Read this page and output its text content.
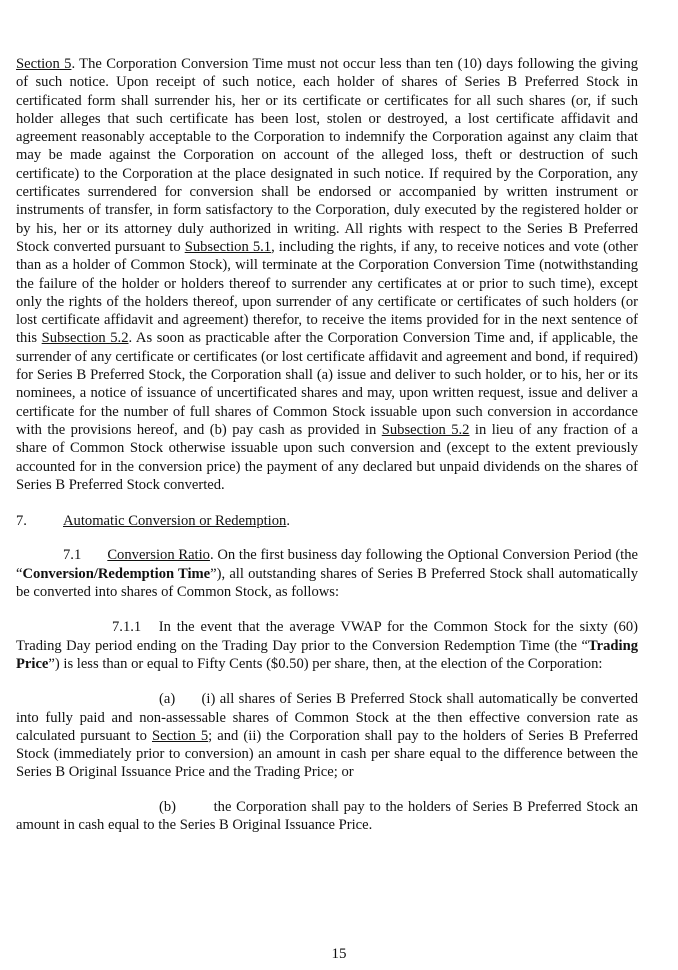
Section 5. The Corporation Conversion Time must not occur less than ten (10) days following the giving of such notice. Upon receipt of such notice, each holder of shares of Series B Preferred Stock in certificated form shall surrender his, her or its certificate or certificates for all such shares (or, if such holder alleges that such certificate has been lost, stolen or destroyed, a lost certificate affidavit and agreement reasonably acceptable to the Corporation to indemnify the Corporation against any claim that may be made against the Corporation on account of the alleged loss, theft or destruction of such certificate) to the Corporation at the place designated in such notice. If required by the Corporation, any certificates surrendered for conversion shall be endorsed or accompanied by written instrument or instruments of transfer, in form satisfactory to the Corporation, duly executed by the registered holder or by his, her or its attorney duly authorized in writing. All rights with respect to the Series B Preferred Stock converted pursuant to Subsection 5.1, including the rights, if any, to receive notices and vote (other than as a holder of Common Stock), will terminate at the Corporation Conversion Time (notwithstanding the failure of the holder or holders thereof to surrender any certificates at or prior to such time), except only the rights of the holders thereof, upon surrender of any certificate or certificates of such holders (or lost certificate affidavit and agreement) therefor, to receive the items provided for in the next sentence of this Subsection 5.2. As soon as practicable after the Corporation Conversion Time and, if applicable, the surrender of any certificate or certificates (or lost certificate affidavit and agreement and bond, if required) for Series B Preferred Stock, the Corporation shall (a) issue and deliver to such holder, or to his, her or its nominees, a notice of issuance of uncertificated shares and may, upon written request, issue and deliver a certificate for the number of full shares of Common Stock issuable upon such conversion in accordance with the provisions hereof, and (b) pay cash as provided in Subsection 5.2 in lieu of any fraction of a share of Common Stock otherwise issuable upon such conversion and (except to the extent previously accounted for in the conversion price) the payment of any declared but unpaid dividends on the shares of Series B Preferred Stock converted.

7. Automatic Conversion or Redemption.

7.1 Conversion Ratio. On the first business day following the Optional Conversion Period (the “Conversion/Redemption Time”), all outstanding shares of Series B Preferred Stock shall automatically be converted into shares of Common Stock, as follows:

7.1.1 In the event that the average VWAP for the Common Stock for the sixty (60) Trading Day period ending on the Trading Day prior to the Conversion Redemption Time (the “Trading Price”) is less than or equal to Fifty Cents ($0.50) per share, then, at the election of the Corporation:

(a) (i) all shares of Series B Preferred Stock shall automatically be converted into fully paid and non-assessable shares of Common Stock at the then effective conversion rate as calculated pursuant to Section 5; and (ii) the Corporation shall pay to the holders of Series B Preferred Stock (immediately prior to conversion) an amount in cash per share equal to the difference between the Series B Original Issuance Price and the Trading Price; or

(b)	the Corporation shall pay to the holders of Series B Preferred Stock an amount in cash equal to the Series B Original Issuance Price.

15
